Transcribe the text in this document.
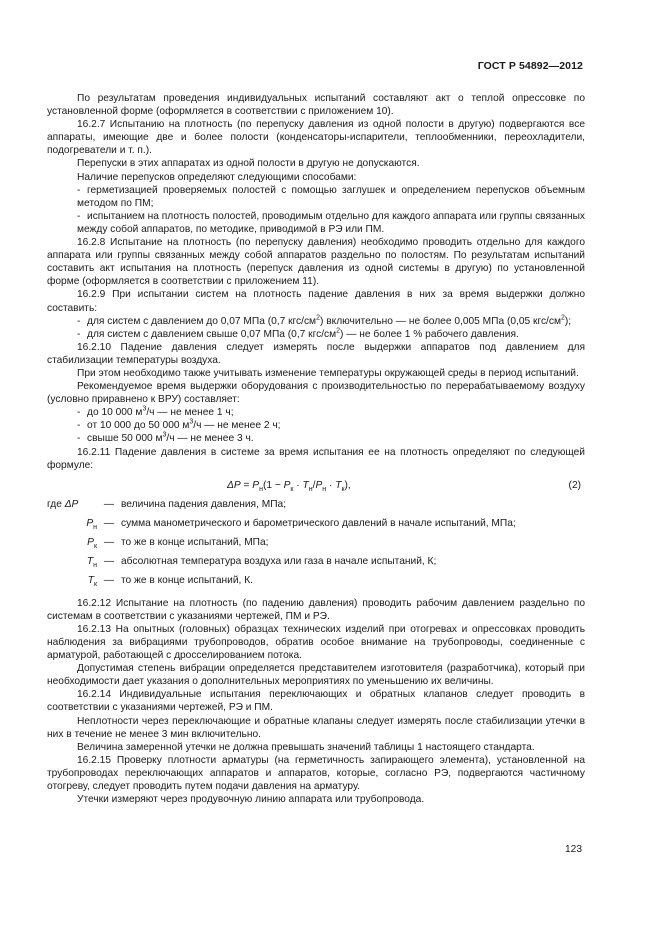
ГОСТ Р 54892—2012

По результатам проведения индивидуальных испытаний составляют акт о теплой опрессовке по установленной форме (оформляется в соответствии с приложением 10).

16.2.7 Испытанию на плотность (по перепуску давления из одной полости в другую) подвергаются все аппараты, имеющие две и более полости (конденсаторы-испарители, теплообменники, переохладители, подогреватели и т. п.).

Перепуски в этих аппаратах из одной полости в другую не допускаются.

Наличие перепусков определяют следующими способами:

- герметизацией проверяемых полостей с помощью заглушек и определением перепусков объемным методом по ПМ;

- испытанием на плотность полостей, проводимым отдельно для каждого аппарата или группы связанных между собой аппаратов, по методике, приводимой в РЭ или ПМ.

16.2.8 Испытание на плотность (по перепуску давления) необходимо проводить отдельно для каждого аппарата или группы связанных между собой аппаратов раздельно по полостям. По результатам испытаний составить акт испытания на плотность (перепуск давления из одной системы в другую) по установленной форме (оформляется в соответствии с приложением 11).

16.2.9 При испытании систем на плотность падение давления в них за время выдержки должно составить:

- для систем с давлением до 0,07 МПа (0,7 кгс/$см^2$) включительно — не более 0,005 МПа (0,05 кгс/$см^2$);

- для систем с давлением свыше 0,07 МПа (0,7 кгс/$см^2$) — не более 1 % рабочего давления.

16.2.10 Падение давления следует измерять после выдержки аппаратов под давлением для стабилизации температуры воздуха.

При этом необходимо также учитывать изменение температуры окружающей среды в период испытаний.

Рекомендуемое время выдержки оборудования с производительностью по перерабатываемому воздуху (условно приравнено к ВРУ) составляет:

- до 10 000 $м^3/ч$ — не менее 1 ч;

- от 10 000 до 50 000 $м^3/ч$ — не менее 2 ч;

- свыше 50 000 $м^3/ч$ — не менее 3 ч.

16.2.11 Падение давления в системе за время испытания ее на плотность определяют по следующей формуле:

$\Delta P = P_н(1 - P_к \cdot T_н/P_н \cdot T_к)$,	(2)
где ΔP	— величина падения давления, МПа;
$P_н$ — сумма манометрического и барометрического давлений в начале испытаний, МПа;
$P_к$ — то же в конце испытаний, МПа;
$T_н$ — абсолютная температура воздуха или газа в начале испытаний, К;
$T_к$ — то же в конце испытаний, К.

16.2.12 Испытание на плотность (по падению давления) проводить рабочим давлением раздельно по системам в соответствии с указаниями чертежей, ПМ и РЭ.

16.2.13 На опытных (головных) образцах технических изделий при отогревах и опрессовках проводить наблюдения за вибрациями трубопроводов, обратив особое внимание на трубопроводы, соединенные с арматурой, работающей с дросселированием потока.

Допустимая степень вибрации определяется представителем изготовителя (разработчика), который при необходимости дает указания о дополнительных мероприятиях по уменьшению их величины.

16.2.14 Индивидуальные испытания переключающих и обратных клапанов следует проводить в соответствии с указаниями чертежей, РЭ и ПМ.

Неплотности через переключающие и обратные клапаны следует измерять после стабилизации утечки в них в течение не менее 3 мин включительно.

Величина замеренной утечки не должна превышать значений таблицы 1 настоящего стандарта.

16.2.15 Проверку плотности арматуры (на герметичность запирающего элемента), установленной на трубопроводах переключающих аппаратов и аппаратов, которые, согласно РЭ, подвергаются частичному отогреву, следует проводить путем подачи давления на арматуру.

Утечки измеряют через продувочную линию аппарата или трубопровода.

123
